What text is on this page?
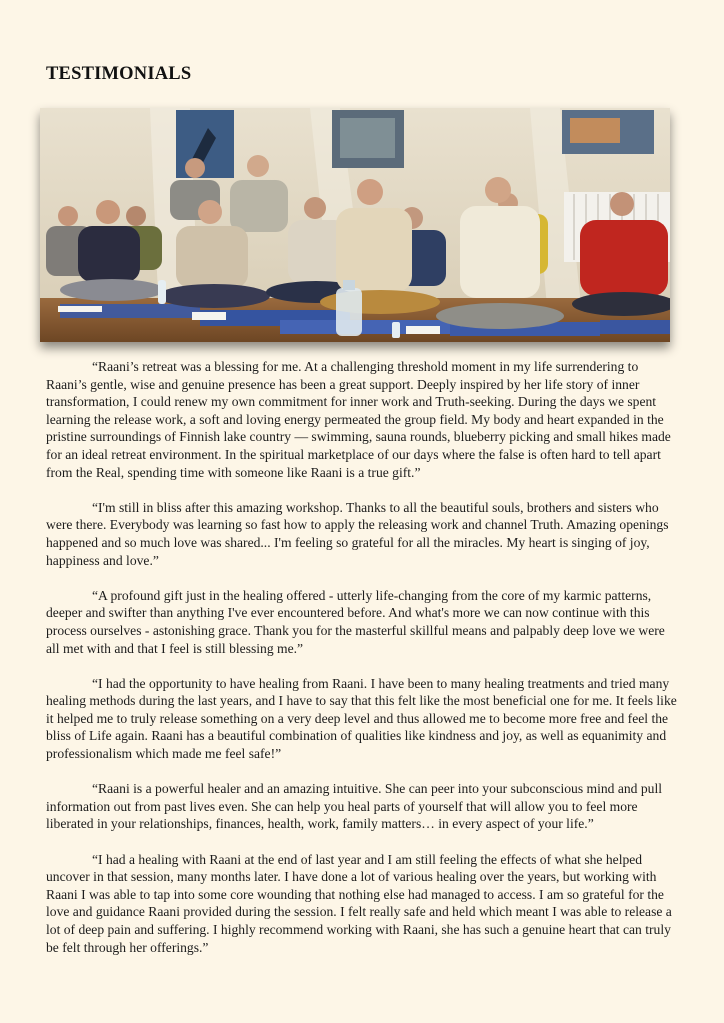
TESTIMONIALS

“Raani’s retreat was a blessing for me. At a challenging threshold moment in my life surrendering to Raani’s gentle, wise and genuine presence has been a great support. Deeply inspired by her life story of inner transformation, I could renew my own commitment for inner work and Truth-seeking. During the days we spent learning the release work, a soft and loving energy permeated the group field. My body and heart expanded in the pristine surroundings of Finnish lake country — swimming, sauna rounds, blueberry picking and small hikes made for an ideal retreat environment. In the spiritual marketplace of our days where the false is often hard to tell apart from the Real, spending time with someone like Raani is a true gift.”

“I'm still in bliss after this amazing workshop. Thanks to all the beautiful souls, brothers and sisters who were there. Everybody was learning so fast how to apply the releasing work and channel Truth. Amazing openings happened and so much love was shared... I'm feeling so grateful for all the miracles. My heart is singing of joy, happiness and love.”

“A profound gift just in the healing offered - utterly life-changing from the core of my karmic patterns, deeper and swifter than anything I've ever encountered before. And what's more we can now continue with this process ourselves - astonishing grace. Thank you for the masterful skillful means and palpably deep love we were all met with and that I feel is still blessing me.”

“I had the opportunity to have healing from Raani. I have been to many healing treatments and tried many healing methods during the last years, and I have to say that this felt like the most beneficial one for me. It feels like it helped me to truly release something on a very deep level and thus allowed me to become more free and feel the bliss of Life again. Raani has a beautiful combination of qualities like kindness and joy, as well as equanimity and professionalism which made me feel safe!”

“Raani is a powerful healer and an amazing intuitive. She can peer into your subconscious mind and pull information out from past lives even. She can help you heal parts of yourself that will allow you to feel more liberated in your relationships, finances, health, work, family matters… in every aspect of your life.”

“I had a healing with Raani at the end of last year and I am still feeling the effects of what she helped uncover in that session, many months later. I have done a lot of various healing over the years, but working with Raani I was able to tap into some core wounding that nothing else had managed to access. I am so grateful for the love and guidance Raani provided during the session. I felt really safe and held which meant I was able to release a lot of deep pain and suffering. I highly recommend working with Raani, she has such a genuine heart that can truly be felt through her offerings.”
